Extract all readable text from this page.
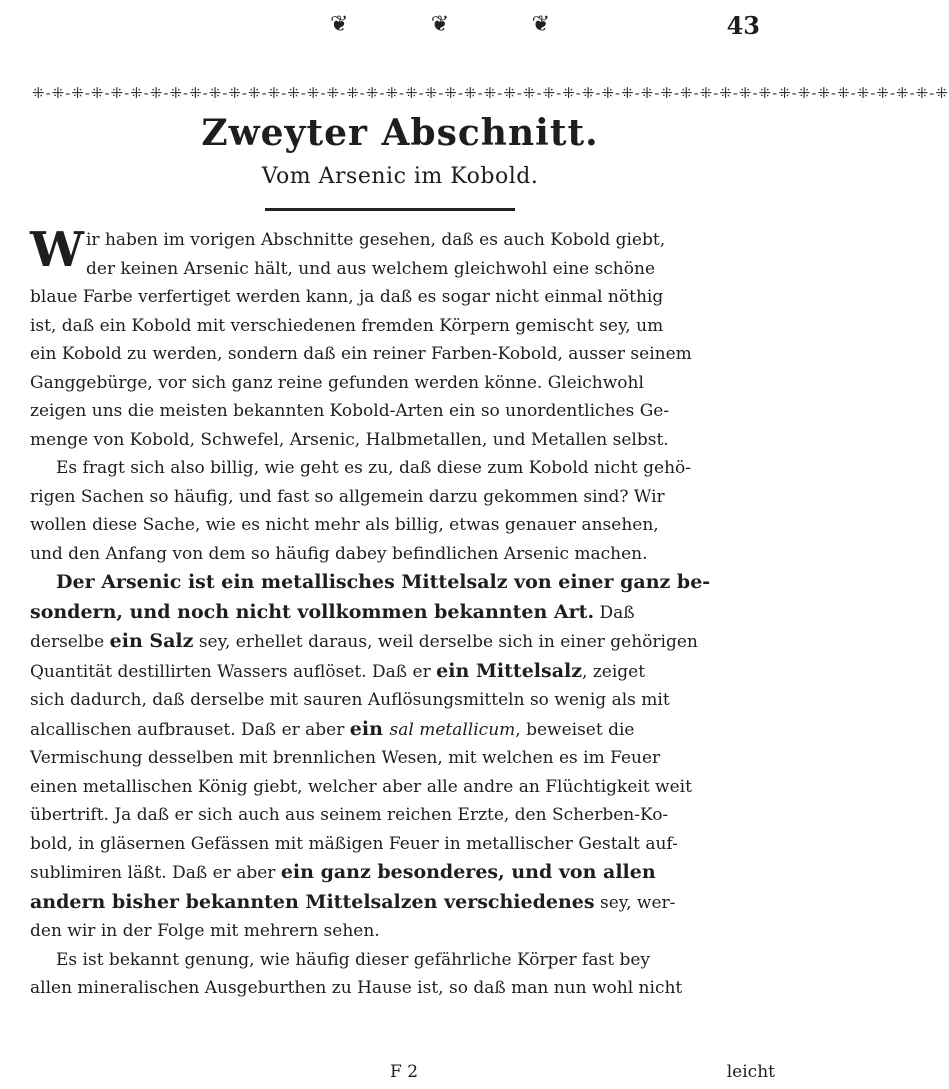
❦	❦	❦	43
⁜-⁜-⁜-⁜-⁜-⁜-⁜-⁜-⁜-⁜-⁜-⁜-⁜-⁜-⁜-⁜-⁜-⁜-⁜-⁜-⁜-⁜-⁜-⁜-⁜-⁜-⁜-⁜-⁜-⁜-⁜-⁜-⁜-⁜-⁜-⁜-⁜-⁜-⁜-⁜-⁜-⁜-⁜-⁜-⁜-⁜-⁜
Zweyter Abschnitt.
Vom Arsenic im Kobold.
W ir haben im vorigen Abschnitte gesehen, daß es auch Kobold giebt,
der keinen Arsenic hält, und aus welchem gleichwohl eine schöne
blaue Farbe verfertiget werden kann, ja daß es sogar nicht einmal nöthig
ist, daß ein Kobold mit verschiedenen fremden Körpern gemischt sey, um
ein Kobold zu werden, sondern daß ein reiner Farben-Kobold, ausser seinem
Ganggebürge, vor sich ganz reine gefunden werden könne. Gleichwohl
zeigen uns die meisten bekannten Kobold-Arten ein so unordentliches Ge-
menge von Kobold, Schwefel, Arsenic, Halbmetallen, und Metallen selbst.
Es fragt sich also billig, wie geht es zu, daß diese zum Kobold nicht gehö-
rigen Sachen so häufig, und fast so allgemein darzu gekommen sind? Wir
wollen diese Sache, wie es nicht mehr als billig, etwas genauer ansehen,
und den Anfang von dem so häufig dabey befindlichen Arsenic machen.
Der Arsenic ist ein metallisches Mittelsalz von einer ganz be-
sondern, und noch nicht vollkommen bekannten Art. Daß
derselbe ein Salz sey, erhellet daraus, weil derselbe sich in einer gehörigen
Quantität destillirten Wassers auflöset. Daß er ein Mittelsalz, zeiget
sich dadurch, daß derselbe mit sauren Auflösungsmitteln so wenig als mit
alcallischen aufbrauset. Daß er aber ein sal metallicum, beweiset die
Vermischung desselben mit brennlichen Wesen, mit welchen es im Feuer
einen metallischen König giebt, welcher aber alle andre an Flüchtigkeit weit
übertrift. Ja daß er sich auch aus seinem reichen Erzte, den Scherben-Ko-
bold, in gläsernen Gefässen mit mäßigen Feuer in metallischer Gestalt auf-
sublimiren läßt. Daß er aber ein ganz besonderes, und von allen
andern bisher bekannten Mittelsalzen verschiedenes sey, wer-
den wir in der Folge mit mehrern sehen.
Es ist bekannt genung, wie häufig dieser gefährliche Körper fast bey
allen mineralischen Ausgeburthen zu Hause ist, so daß man nun wohl nicht
F 2	leicht
